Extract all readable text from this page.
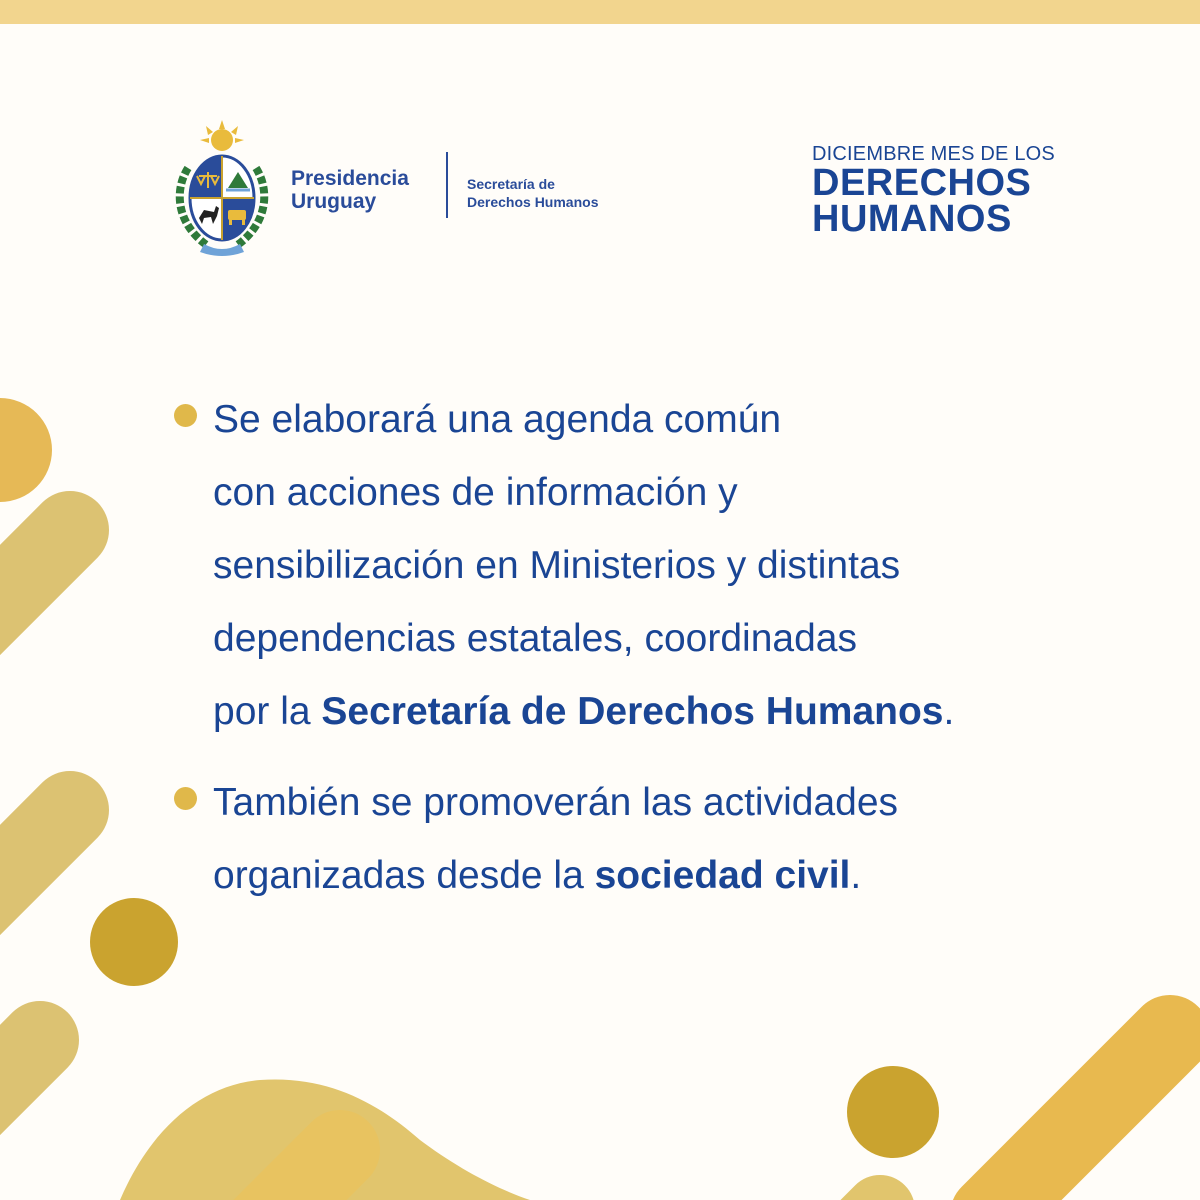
Presidencia
Uruguay
Secretaría de
Derechos Humanos
DICIEMBRE MES DE LOS
DERECHOS
HUMANOS
Se elaborará una agenda común
con acciones de información y
sensibilización en Ministerios y distintas
dependencias estatales, coordinadas
por la Secretaría de Derechos Humanos.
También se promoverán las actividades
organizadas desde la sociedad civil.
